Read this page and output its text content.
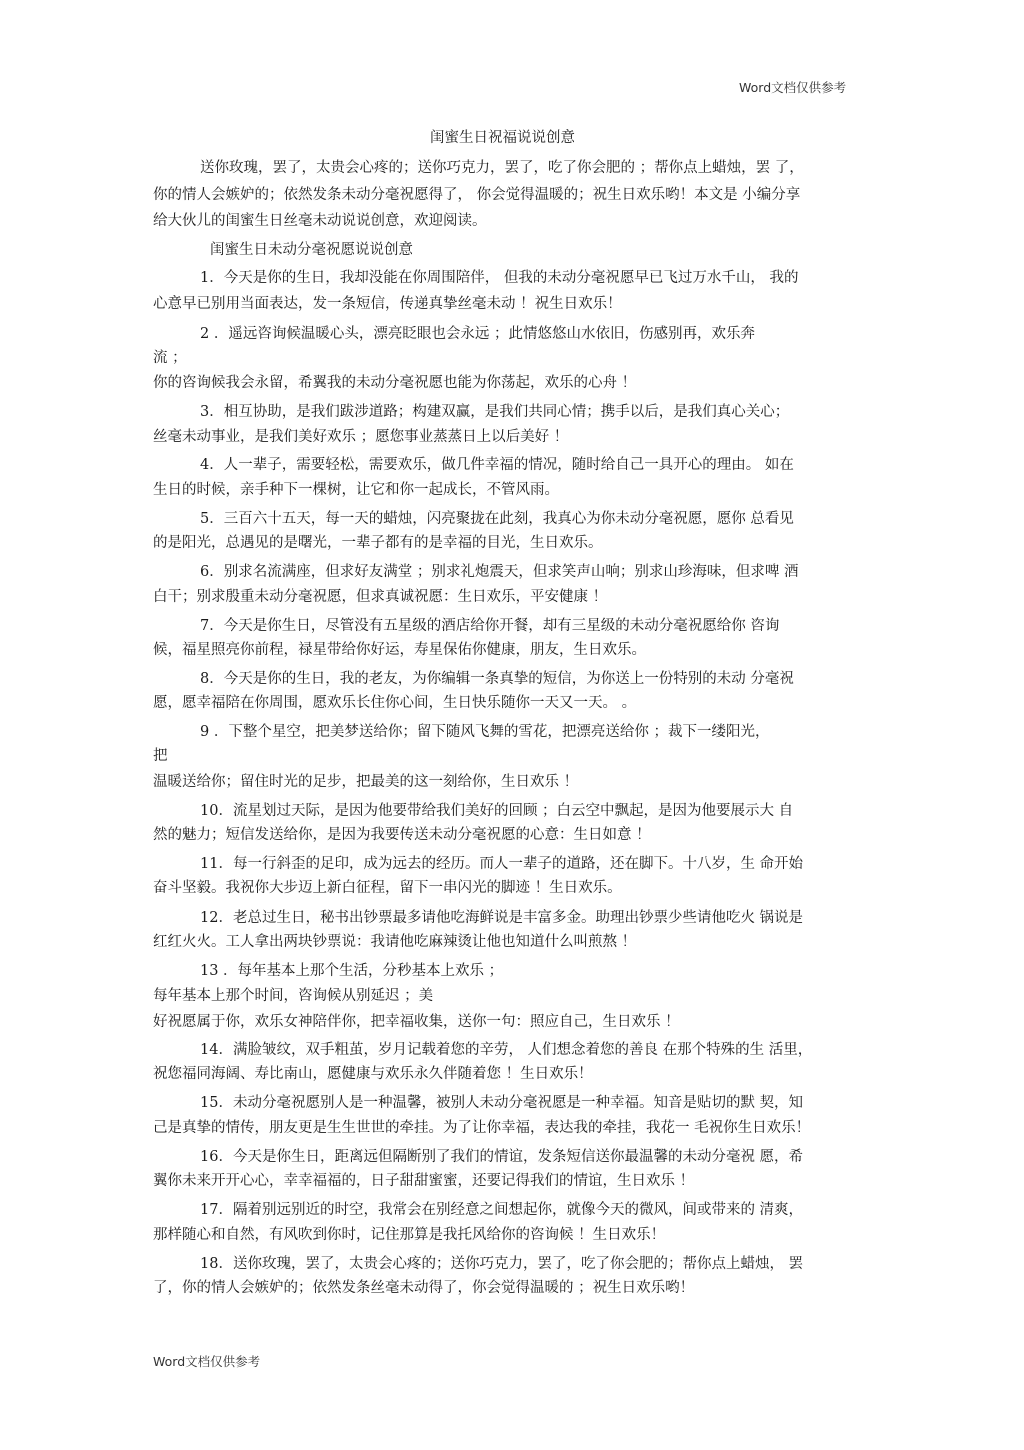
Word文档仅供参考
闺蜜生日祝福说说创意
送你玫瑰，罢了，太贵会心疼的；送你巧克力，罢了，吃了你会肥的 ；帮你点上蜡烛，罢 了，
你的情人会嫉妒的；依然发条未动分毫祝愿得了， 你会觉得温暖的；祝生日欢乐哟！本文是 小编分享
给大伙儿的闺蜜生日丝毫未动说说创意，欢迎阅读。
闺蜜生日未动分毫祝愿说说创意
1．今天是你的生日，我却没能在你周围陪伴， 但我的未动分毫祝愿早已飞过万水千山， 我的
心意早已别用当面表达，发一条短信，传递真挚丝毫未动 ！祝生日欢乐！
2 ．遥远咨询候温暖心头，漂亮眨眼也会永远 ；此情悠悠山水依旧，伤感别再，欢乐奔
流 ；
你的咨询候我会永留，希翼我的未动分毫祝愿也能为你荡起，欢乐的心舟 ！
3．相互协助，是我们跋涉道路；构建双赢，是我们共同心情；携手以后，是我们真心关心；
丝毫未动事业，是我们美好欢乐 ；愿您事业蒸蒸日上以后美好 ！
4．人一辈子，需要轻松，需要欢乐，做几件幸福的情况，随时给自己一具开心的理由。 如在
生日的时候，亲手种下一棵树，让它和你一起成长，不管风雨。
5．三百六十五天，每一天的蜡烛，闪亮聚拢在此刻，我真心为你未动分毫祝愿，愿你 总看见
的是阳光，总遇见的是曙光，一辈子都有的是幸福的目光，生日欢乐。
6．别求名流满座，但求好友满堂 ；别求礼炮震天，但求笑声山响；别求山珍海味，但求啤 酒
白干；别求殷重未动分毫祝愿，但求真诚祝愿：生日欢乐，平安健康 ！
7．今天是你生日，尽管没有五星级的酒店给你开餐，却有三星级的未动分毫祝愿给你 咨询
候，福星照亮你前程，禄星带给你好运，寿星保佑你健康，朋友，生日欢乐。
8．今天是你的生日，我的老友，为你编辑一条真挚的短信，为你送上一份特别的未动 分毫祝
愿，愿幸福陪在你周围，愿欢乐长住你心间，生日快乐随你一天又一天。 。
9 ．下整个星空，把美梦送给你；留下随风飞舞的雪花，把漂亮送给你 ；裁下一缕阳光，
把
温暖送给你；留住时光的足步，把最美的这一刻给你，生日欢乐 ！
10．流星划过天际，是因为他要带给我们美好的回顾 ；白云空中飘起，是因为他要展示大 自
然的魅力；短信发送给你，是因为我要传送未动分毫祝愿的心意：生日如意 ！
11．每一行斜歪的足印，成为远去的经历。而人一辈子的道路，还在脚下。十八岁，生 命开始
奋斗坚毅。我祝你大步迈上新白征程，留下一串闪光的脚迹 ！生日欢乐。
12．老总过生日，秘书出钞票最多请他吃海鲜说是丰富多金。助理出钞票少些请他吃火 锅说是
红红火火。工人拿出两块钞票说：我请他吃麻辣烫让他也知道什么叫煎熬 ！
13 ．每年基本上那个生活，分秒基本上欢乐 ；
每年基本上那个时间，咨询候从别延迟 ；美
好祝愿属于你，欢乐女神陪伴你，把幸福收集，送你一句：照应自己，生日欢乐 ！
14．满脸皱纹，双手粗茧，岁月记载着您的辛劳， 人们想念着您的善良 在那个特殊的生 活里，
祝您福同海阔、寿比南山，愿健康与欢乐永久伴随着您 ！生日欢乐！
15．未动分毫祝愿别人是一种温馨，被别人未动分毫祝愿是一种幸福。知音是贴切的默 契，知
己是真挚的情传，朋友更是生生世世的牵挂。为了让你幸福，表达我的牵挂，我花一 毛祝你生日欢乐！
16．今天是你生日，距离远但隔断别了我们的情谊，发条短信送你最温馨的未动分毫祝 愿，希
翼你未来开开心心，幸幸福福的，日子甜甜蜜蜜，还要记得我们的情谊，生日欢乐 ！
17．隔着别远别近的时空，我常会在别经意之间想起你，就像今天的微风，间或带来的 清爽，
那样随心和自然，有风吹到你时，记住那算是我托风给你的咨询候 ！生日欢乐！
18．送你玫瑰，罢了，太贵会心疼的；送你巧克力，罢了，吃了你会肥的；帮你点上蜡烛， 罢
了，你的情人会嫉妒的；依然发条丝毫未动得了，你会觉得温暖的 ；祝生日欢乐哟！
Word文档仅供参考
